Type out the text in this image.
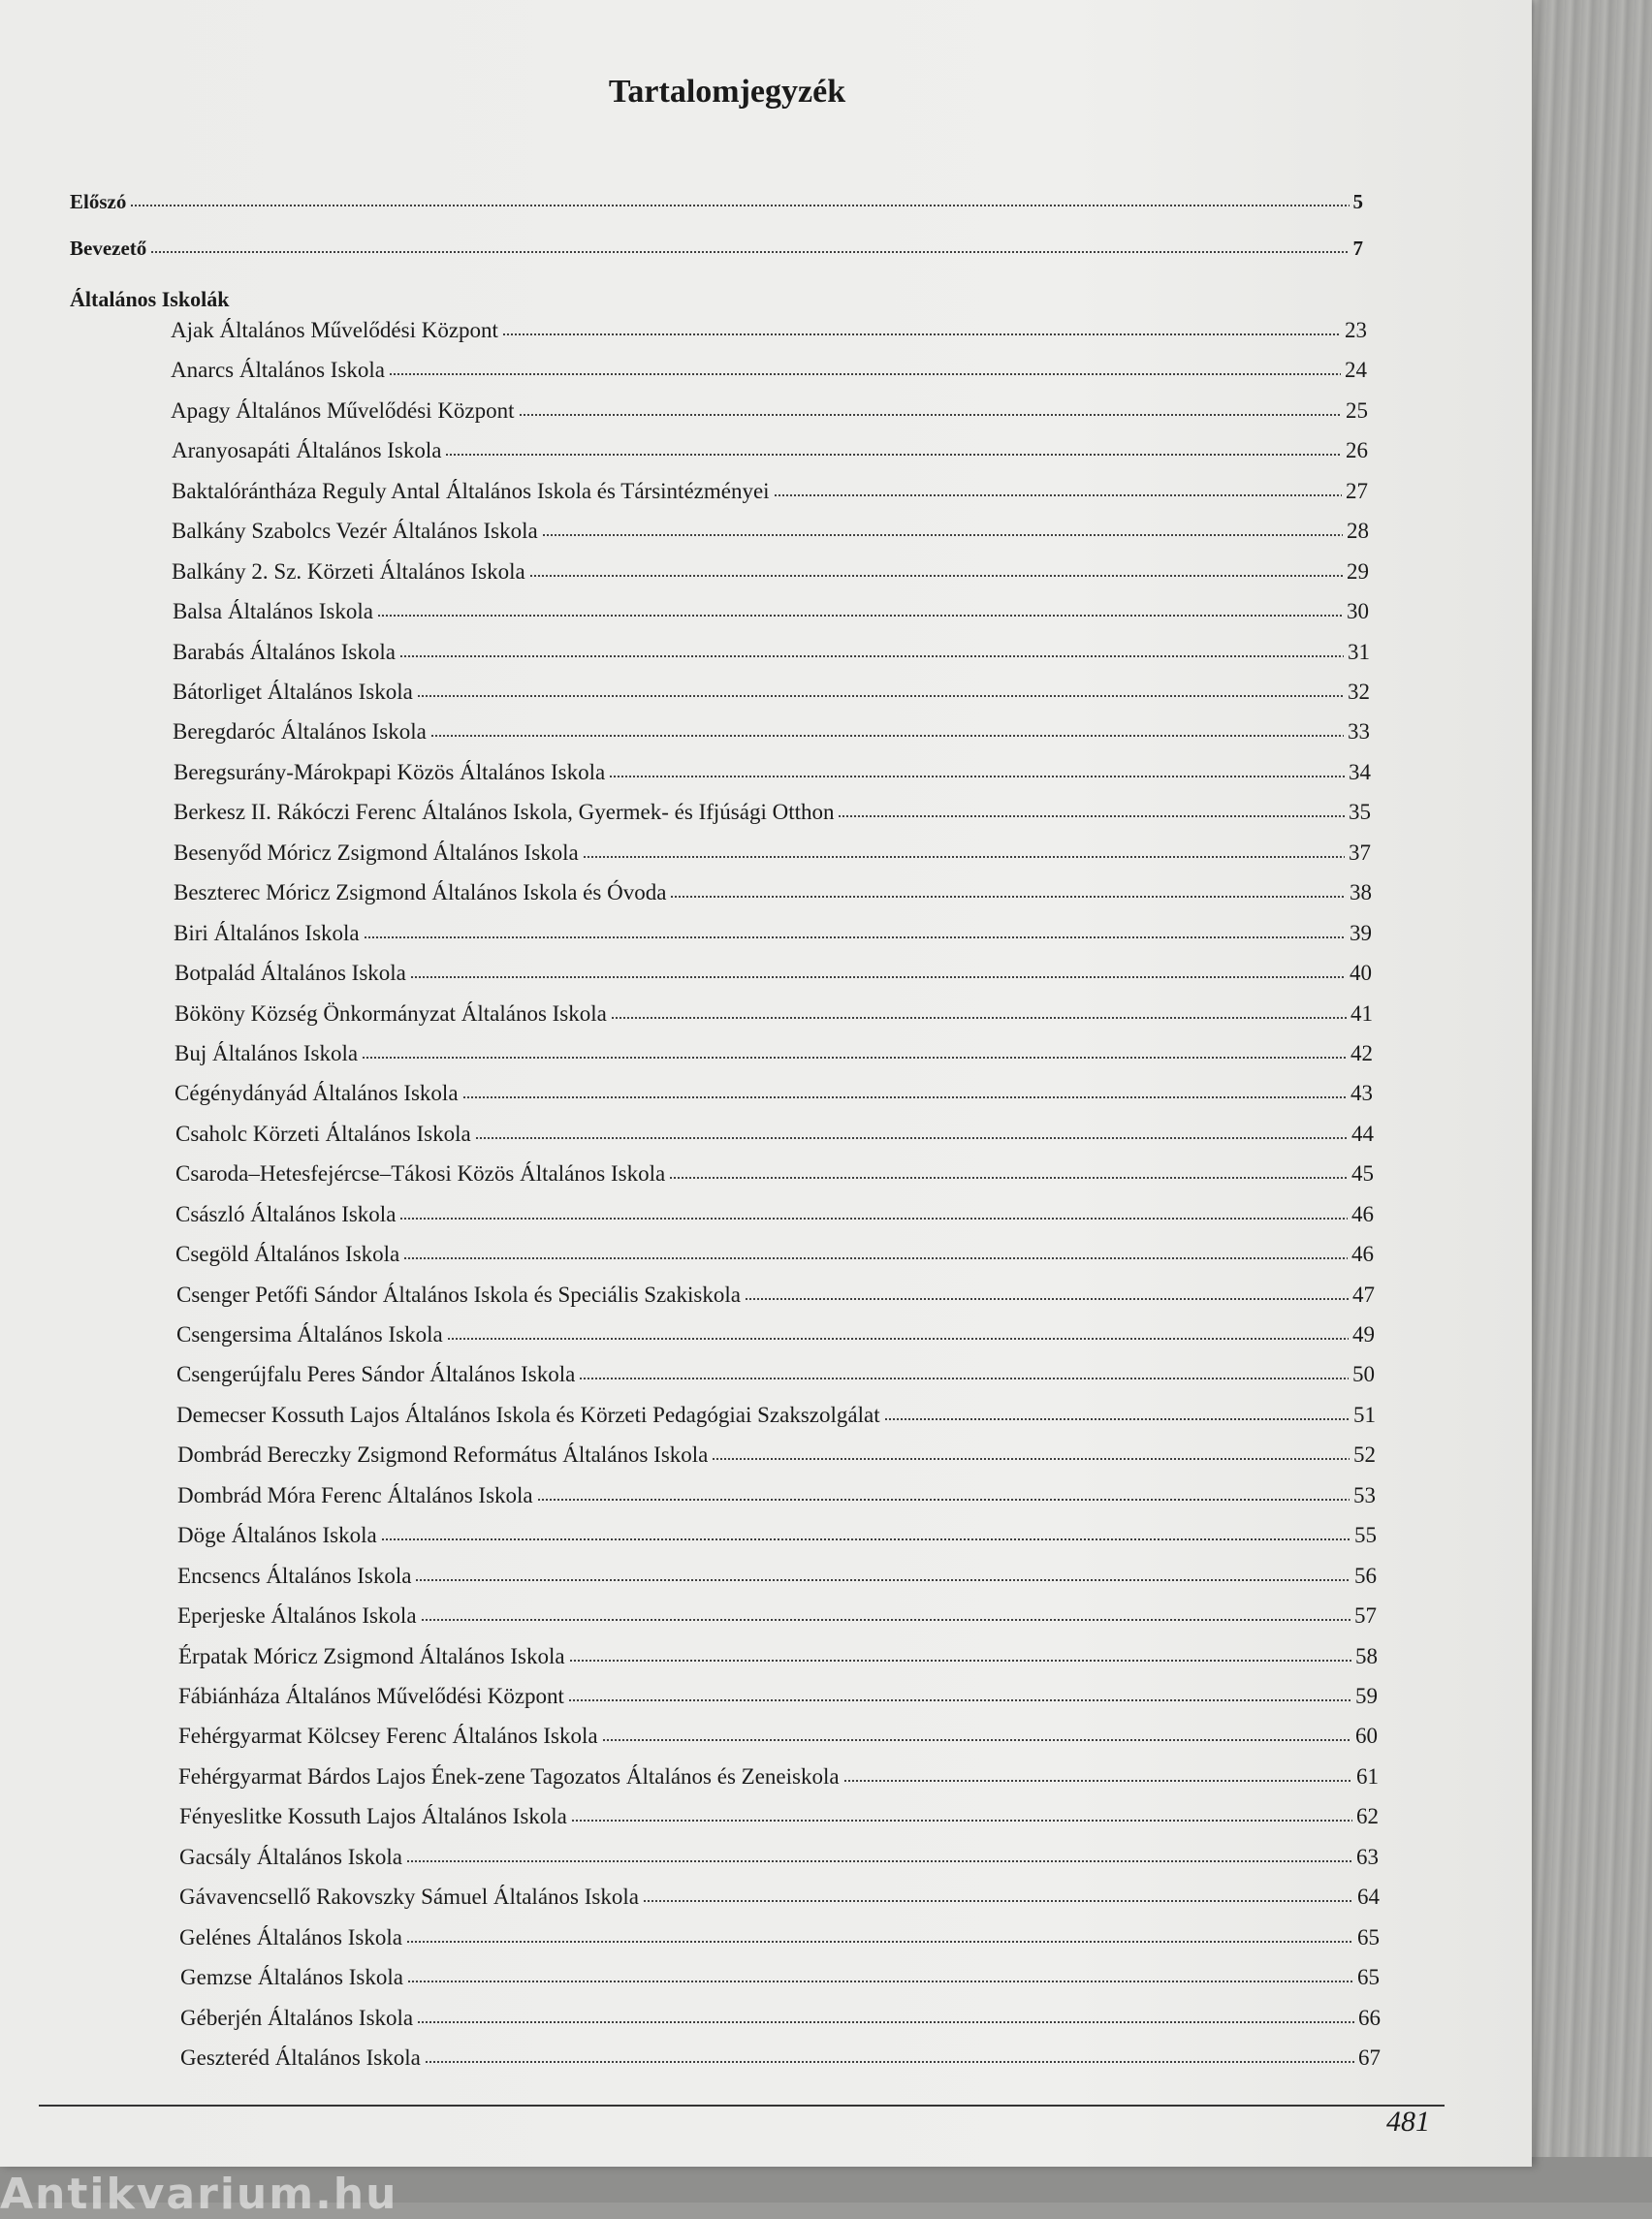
Tartalomjegyzék
Előszó	5
Bevezető	7
Általános Iskolák
Ajak Általános Művelődési Központ	23
Anarcs Általános Iskola	24
Apagy Általános Művelődési Központ	25
Aranyosapáti Általános Iskola	26
Baktalórántháza Reguly Antal Általános Iskola és Társintézményei	27
Balkány Szabolcs Vezér Általános Iskola	28
Balkány 2. Sz. Körzeti Általános Iskola	29
Balsa Általános Iskola	30
Barabás Általános Iskola	31
Bátorliget Általános Iskola	32
Beregdaróc Általános Iskola	33
Beregsurány-Márokpapi Közös Általános Iskola	34
Berkesz II. Rákóczi Ferenc Általános Iskola, Gyermek- és Ifjúsági Otthon	35
Besenyőd Móricz Zsigmond Általános Iskola	37
Beszterec Móricz Zsigmond Általános Iskola és Óvoda	38
Biri Általános Iskola	39
Botpalád Általános Iskola	40
Bököny Község Önkormányzat Általános Iskola	41
Buj Általános Iskola	42
Cégénydányád Általános Iskola	43
Csaholc Körzeti Általános Iskola	44
Csaroda–Hetesfejércse–Tákosi Közös Általános Iskola	45
Császló Általános Iskola	46
Csegöld Általános Iskola	46
Csenger Petőfi Sándor Általános Iskola és Speciális Szakiskola	47
Csengersima Általános Iskola	49
Csengerújfalu Peres Sándor Általános Iskola	50
Demecser Kossuth Lajos Általános Iskola és Körzeti Pedagógiai Szakszolgálat	51
Dombrád Bereczky Zsigmond Református Általános Iskola	52
Dombrád Móra Ferenc Általános Iskola	53
Döge Általános Iskola	55
Encsencs Általános Iskola	56
Eperjeske Általános Iskola	57
Érpatak Móricz Zsigmond Általános Iskola	58
Fábiánháza Általános Művelődési Központ	59
Fehérgyarmat Kölcsey Ferenc Általános Iskola	60
Fehérgyarmat Bárdos Lajos Ének-zene Tagozatos Általános és Zeneiskola	61
Fényeslitke Kossuth Lajos Általános Iskola	62
Gacsály Általános Iskola	63
Gávavencsellő Rakovszky Sámuel Általános Iskola	64
Gelénes Általános Iskola	65
Gemzse Általános Iskola	65
Géberjén Általános Iskola	66
Geszteréd Általános Iskola	67
481
Antikvarium.hu
